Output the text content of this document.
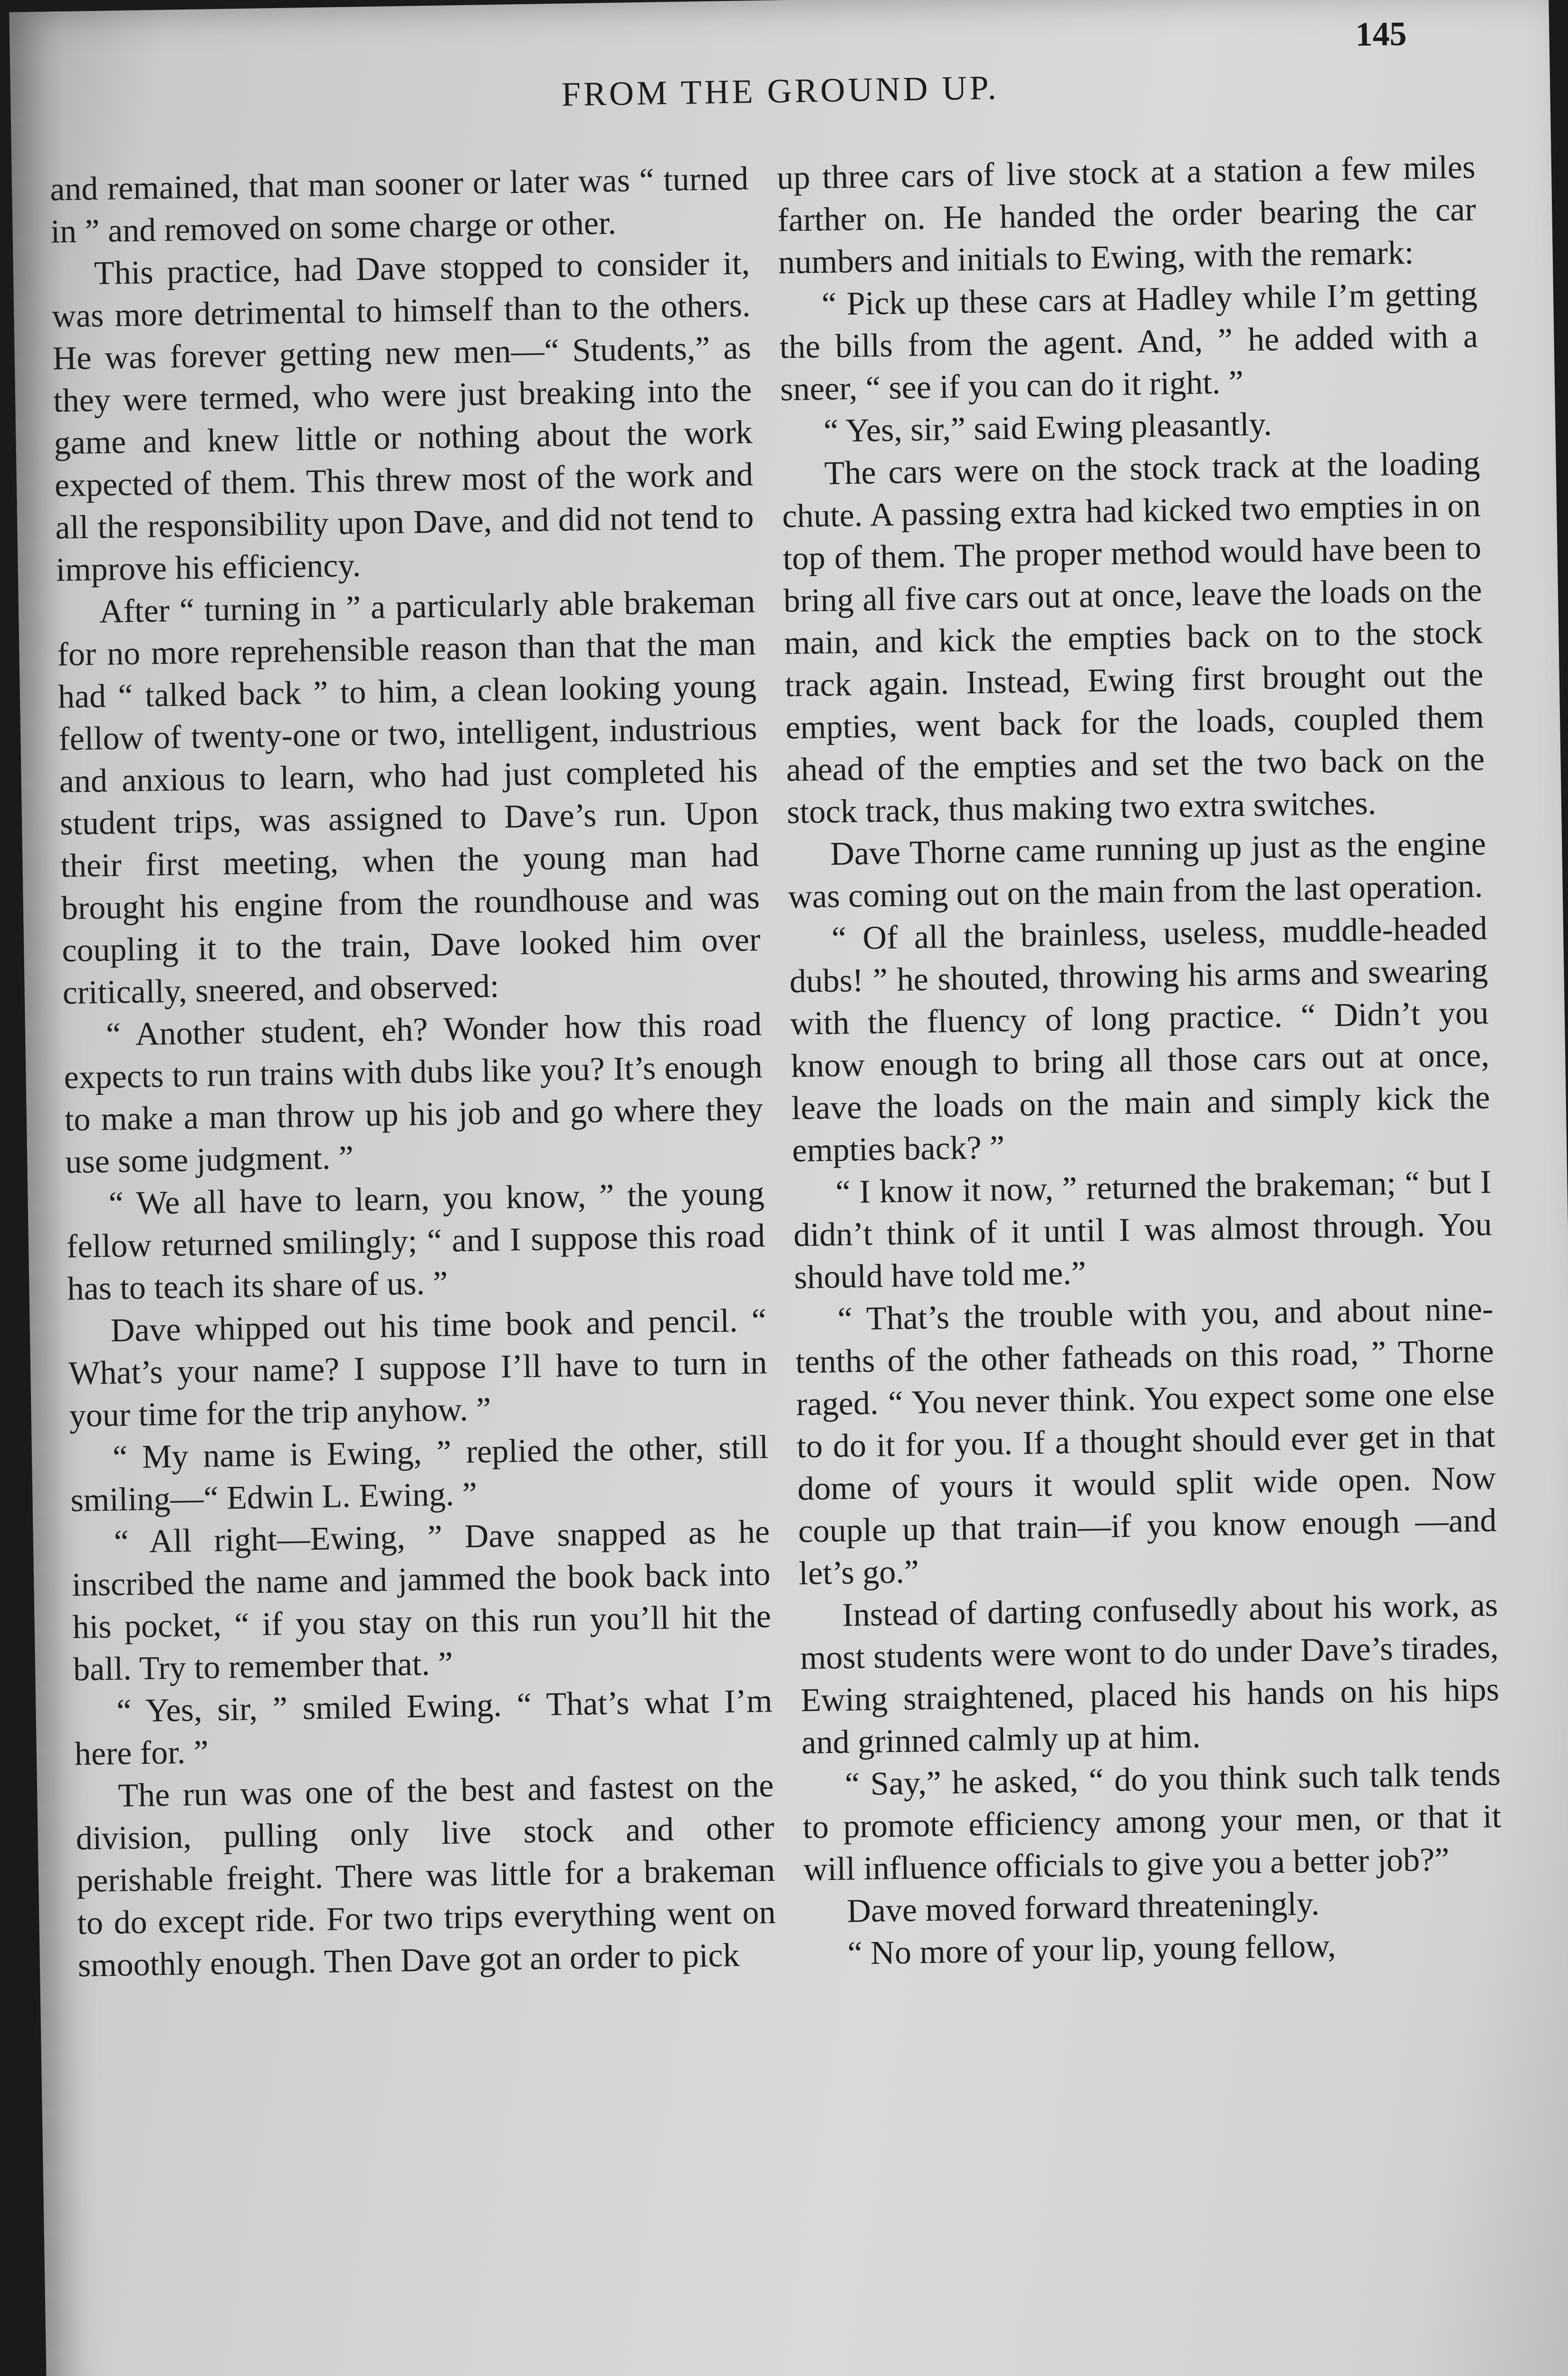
145
FROM THE GROUND UP.

and remained, that man sooner or later was “ turned in ” and removed on some charge or other.

This practice, had Dave stopped to consider it, was more detrimental to himself than to the others. He was forever getting new men—“ Students,” as they were termed, who were just breaking into the game and knew little or nothing about the work expected of them. This threw most of the work and all the responsibility upon Dave, and did not tend to improve his efficiency.

After “ turning in ” a particularly able brakeman for no more reprehensible reason than that the man had “ talked back ” to him, a clean looking young fellow of twenty-one or two, intelligent, industrious and anxious to learn, who had just completed his student trips, was assigned to Dave’s run. Upon their first meeting, when the young man had brought his engine from the roundhouse and was coupling it to the train, Dave looked him over critically, sneered, and observed:

“ Another student, eh? Wonder how this road expects to run trains with dubs like you? It’s enough to make a man throw up his job and go where they use some judgment. ”

“ We all have to learn, you know, ” the young fellow returned smilingly; “ and I suppose this road has to teach its share of us. ”

Dave whipped out his time book and pencil. “ What’s your name? I suppose I’ll have to turn in your time for the trip anyhow. ”

“ My name is Ewing, ” replied the other, still smiling—“ Edwin L. Ewing. ”

“ All right—Ewing, ” Dave snapped as he inscribed the name and jammed the book back into his pocket, “ if you stay on this run you’ll hit the ball. Try to remember that. ”

“ Yes, sir, ” smiled Ewing. “ That’s what I’m here for. ”

The run was one of the best and fastest on the division, pulling only live stock and other perishable freight. There was little for a brakeman to do except ride. For two trips everything went on smoothly enough. Then Dave got an order to pick

up three cars of live stock at a station a few miles farther on. He handed the order bearing the car numbers and initials to Ewing, with the remark:

“ Pick up these cars at Hadley while I’m getting the bills from the agent. And, ” he added with a sneer, “ see if you can do it right. ”

“ Yes, sir,” said Ewing pleasantly.

The cars were on the stock track at the loading chute. A passing extra had kicked two empties in on top of them. The proper method would have been to bring all five cars out at once, leave the loads on the main, and kick the empties back on to the stock track again. Instead, Ewing first brought out the empties, went back for the loads, coupled them ahead of the empties and set the two back on the stock track, thus making two extra switches.

Dave Thorne came running up just as the engine was coming out on the main from the last operation.

“ Of all the brainless, useless, muddle-headed dubs! ” he shouted, throwing his arms and swearing with the fluency of long practice. “ Didn’t you know enough to bring all those cars out at once, leave the loads on the main and simply kick the empties back? ”

“ I know it now, ” returned the brakeman; “ but I didn’t think of it until I was almost through. You should have told me.”

“ That’s the trouble with you, and about nine-tenths of the other fatheads on this road, ” Thorne raged. “ You never think. You expect some one else to do it for you. If a thought should ever get in that dome of yours it would split wide open. Now couple up that train—if you know enough —and let’s go.”

Instead of darting confusedly about his work, as most students were wont to do under Dave’s tirades, Ewing straightened, placed his hands on his hips and grinned calmly up at him.

“ Say,” he asked, “ do you think such talk tends to promote efficiency among your men, or that it will influence officials to give you a better job?”

Dave moved forward threateningly.

“ No more of your lip, young fellow,
